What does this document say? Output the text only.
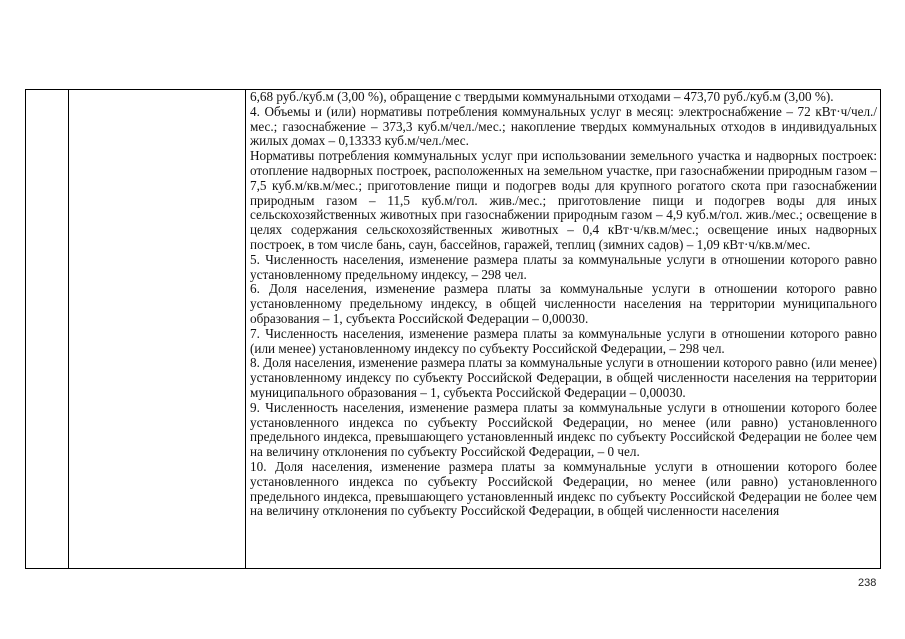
6,68 руб./куб.м (3,00 %), обращение с твердыми коммунальными отходами – 473,70 руб./куб.м (3,00 %).

4. Объемы и (или) нормативы потребления коммунальных услуг в месяц: электроснабжение – 72 кВт·ч/чел./мес.; газоснабжение – 373,3 куб.м/чел./мес.; накопление твердых коммунальных отходов в индивидуальных жилых домах – 0,13333 куб.м/чел./мес.

Нормативы потребления коммунальных услуг при использовании земельного участка и надворных построек: отопление надворных построек, расположенных на земельном участке, при газоснабжении природным газом – 7,5 куб.м/кв.м/мес.; приготовление пищи и подогрев воды для крупного рогатого скота при газоснабжении природным газом – 11,5 куб.м/гол. жив./мес.; приготовление пищи и подогрев воды для иных сельскохозяйственных животных при газоснабжении природным газом – 4,9 куб.м/гол. жив./мес.; освещение в целях содержания сельскохозяйственных животных – 0,4 кВт·ч/кв.м/мес.; освещение иных надворных построек, в том числе бань, саун, бассейнов, гаражей, теплиц (зимних садов) – 1,09 кВт·ч/кв.м/мес.

5. Численность населения, изменение размера платы за коммунальные услуги в отношении которого равно установленному предельному индексу, – 298 чел.

6. Доля населения, изменение размера платы за коммунальные услуги в отношении которого равно установленному предельному индексу, в общей численности населения на территории муниципального образования – 1, субъекта Российской Федерации – 0,00030.

7. Численность населения, изменение размера платы за коммунальные услуги в отношении которого равно (или менее) установленному индексу по субъекту Российской Федерации, – 298 чел.

8. Доля населения, изменение размера платы за коммунальные услуги в отношении которого равно (или менее) установленному индексу по субъекту Российской Федерации, в общей численности населения на территории муниципального образования – 1, субъекта Российской Федерации – 0,00030.

9. Численность населения, изменение размера платы за коммунальные услуги в отношении которого более установленного индекса по субъекту Российской Федерации, но менее (или равно) установленного предельного индекса, превышающего установленный индекс по субъекту Российской Федерации не более чем на величину отклонения по субъекту Российской Федерации, – 0 чел.

10. Доля населения, изменение размера платы за коммунальные услуги в отношении которого более установленного индекса по субъекту Российской Федерации, но менее (или равно) установленного предельного индекса, превышающего установленный индекс по субъекту Российской Федерации не более чем на величину отклонения по субъекту Российской Федерации, в общей численности населения

238
